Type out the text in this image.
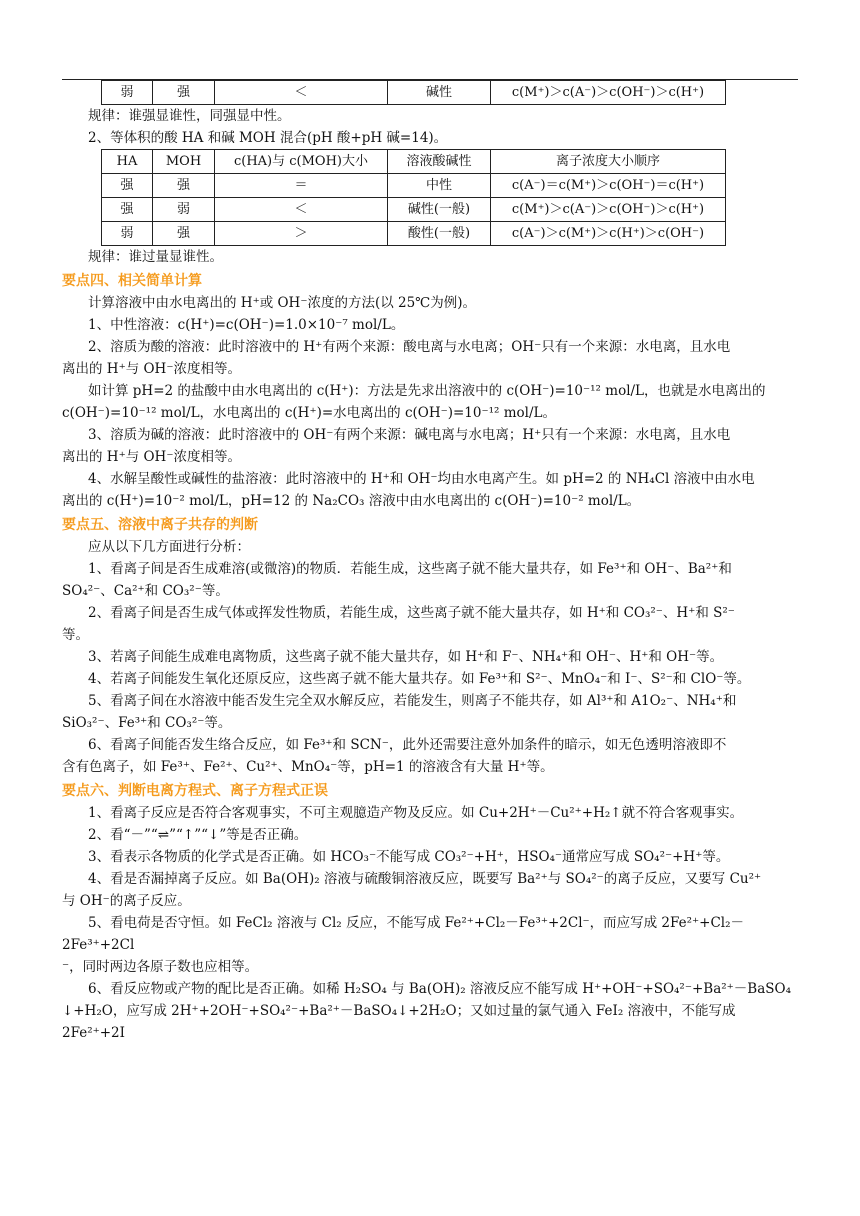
弱	强	＜	碱性	c(M⁺)＞c(A⁻)＞c(OH⁻)＞c(H⁺)

规律：谁强显谁性，同强显中性。

2、等体积的酸 HA 和碱 MOH 混合(pH 酸+pH 碱=14)。

HA	MOH	c(HA)与 c(MOH)大小	溶液酸碱性	离子浓度大小顺序
强	强	＝	中性	c(A⁻)＝c(M⁺)＞c(OH⁻)＝c(H⁺)
强	弱	＜	碱性(一般)	c(M⁺)＞c(A⁻)＞c(OH⁻)＞c(H⁺)
弱	强	＞	酸性(一般)	c(A⁻)＞c(M⁺)＞c(H⁺)＞c(OH⁻)

规律：谁过量显谁性。

要点四、相关简单计算

计算溶液中由水电离出的 H⁺或 OH⁻浓度的方法(以 25℃为例)。

1、中性溶液：c(H⁺)=c(OH⁻)=1.0×10⁻⁷ mol/L。

2、溶质为酸的溶液：此时溶液中的 H⁺有两个来源：酸电离与水电离；OH⁻只有一个来源：水电离，且水电

离出的 H⁺与 OH⁻浓度相等。

如计算 pH=2 的盐酸中由水电离出的 c(H⁺)：方法是先求出溶液中的 c(OH⁻)=10⁻¹² mol/L，也就是水电离出的

c(OH⁻)=10⁻¹² mol/L，水电离出的 c(H⁺)=水电离出的 c(OH⁻)=10⁻¹² mol/L。

3、溶质为碱的溶液：此时溶液中的 OH⁻有两个来源：碱电离与水电离；H⁺只有一个来源：水电离，且水电

离出的 H⁺与 OH⁻浓度相等。

4、水解呈酸性或碱性的盐溶液：此时溶液中的 H⁺和 OH⁻均由水电离产生。如 pH=2 的 NH₄Cl 溶液中由水电

离出的 c(H⁺)=10⁻² mol/L，pH=12 的 Na₂CO₃ 溶液中由水电离出的 c(OH⁻)=10⁻² mol/L。

要点五、溶液中离子共存的判断

应从以下几方面进行分析：

1、看离子间是否生成难溶(或微溶)的物质．若能生成，这些离子就不能大量共存，如 Fe³⁺和 OH⁻、Ba²⁺和

SO₄²⁻、Ca²⁺和 CO₃²⁻等。

2、看离子间是否生成气体或挥发性物质，若能生成，这些离子就不能大量共存，如 H⁺和 CO₃²⁻、H⁺和 S²⁻

等。

3、若离子间能生成难电离物质，这些离子就不能大量共存，如 H⁺和 F⁻、NH₄⁺和 OH⁻、H⁺和 OH⁻等。

4、若离子间能发生氧化还原反应，这些离子就不能大量共存。如 Fe³⁺和 S²⁻、MnO₄⁻和 I⁻、S²⁻和 ClO⁻等。

5、看离子间在水溶液中能否发生完全双水解反应，若能发生，则离子不能共存，如 Al³⁺和 A1O₂⁻、NH₄⁺和

SiO₃²⁻、Fe³⁺和 CO₃²⁻等。

6、看离子间能否发生络合反应，如 Fe³⁺和 SCN⁻，此外还需要注意外加条件的暗示，如无色透明溶液即不

含有色离子，如 Fe³⁺、Fe²⁺、Cu²⁺、MnO₄⁻等，pH=1 的溶液含有大量 H⁺等。

要点六、判断电离方程式、离子方程式正误

1、看离子反应是否符合客观事实，不可主观臆造产物及反应。如 Cu+2H⁺－Cu²⁺+H₂↑就不符合客观事实。

2、看“－”“⇌”“↑”“↓”等是否正确。

3、看表示各物质的化学式是否正确。如 HCO₃⁻不能写成 CO₃²⁻+H⁺，HSO₄⁻通常应写成 SO₄²⁻+H⁺等。

4、看是否漏掉离子反应。如 Ba(OH)₂ 溶液与硫酸铜溶液反应，既要写 Ba²⁺与 SO₄²⁻的离子反应，又要写 Cu²⁺

与 OH⁻的离子反应。

5、看电荷是否守恒。如 FeCl₂ 溶液与 Cl₂ 反应，不能写成 Fe²⁺+Cl₂－Fe³⁺+2Cl⁻，而应写成 2Fe²⁺+Cl₂－2Fe³⁺+2Cl

⁻，同时两边各原子数也应相等。

6、看反应物或产物的配比是否正确。如稀 H₂SO₄ 与 Ba(OH)₂ 溶液反应不能写成 H⁺+OH⁻+SO₄²⁻+Ba²⁺－BaSO₄

↓+H₂O，应写成 2H⁺+2OH⁻+SO₄²⁻+Ba²⁺－BaSO₄↓+2H₂O；又如过量的氯气通入 FeI₂ 溶液中，不能写成 2Fe²⁺+2I
